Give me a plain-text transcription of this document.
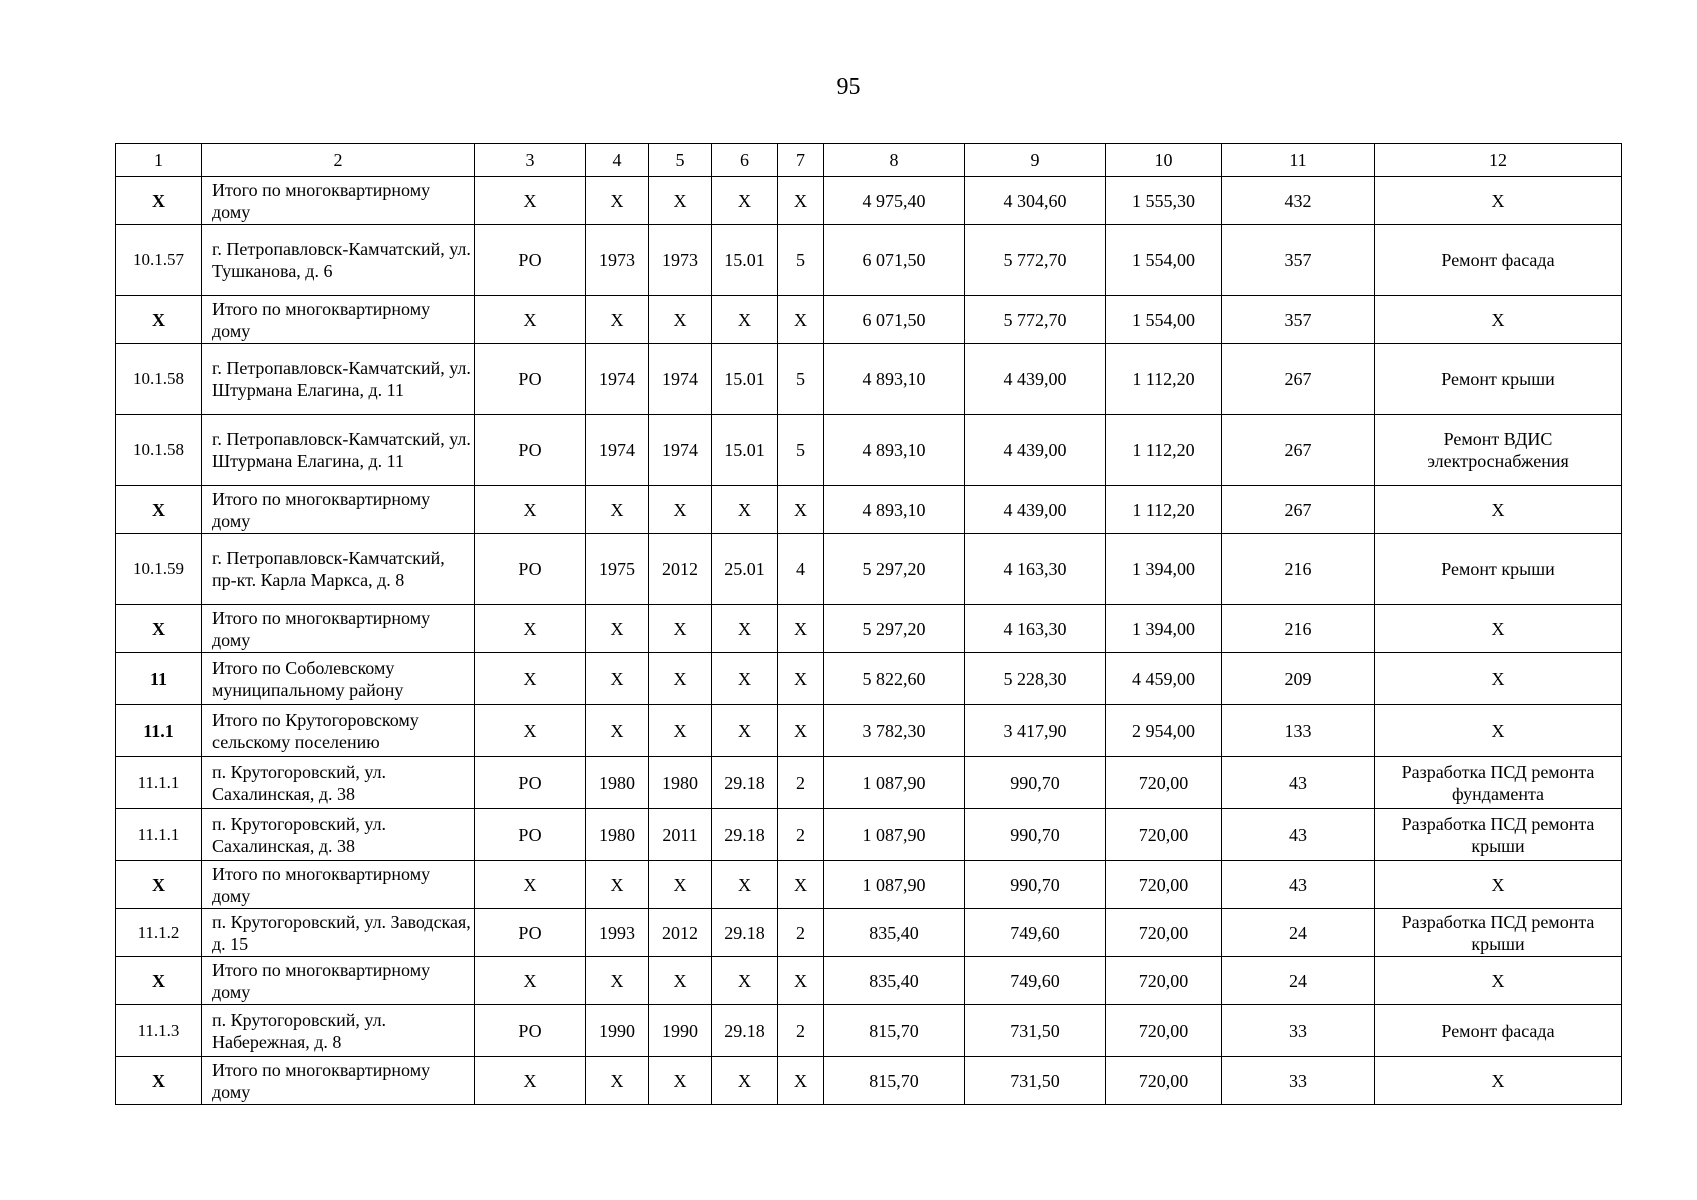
95
1	2	3	4	5	6	7	8	9	10	11	12
X	Итого по многоквартирному дому	X	X	X	X	X	4 975,40	4 304,60	1 555,30	432	X
10.1.57	г. Петропавловск-Камчатский, ул. Тушканова, д. 6	РО	1973	1973	15.01	5	6 071,50	5 772,70	1 554,00	357	Ремонт фасада
X	Итого по многоквартирному дому	X	X	X	X	X	6 071,50	5 772,70	1 554,00	357	X
10.1.58	г. Петропавловск-Камчатский, ул. Штурмана Елагина, д. 11	РО	1974	1974	15.01	5	4 893,10	4 439,00	1 112,20	267	Ремонт крыши
10.1.58	г. Петропавловск-Камчатский, ул. Штурмана Елагина, д. 11	РО	1974	1974	15.01	5	4 893,10	4 439,00	1 112,20	267	Ремонт ВДИС электроснабжения
X	Итого по многоквартирному дому	X	X	X	X	X	4 893,10	4 439,00	1 112,20	267	X
10.1.59	г. Петропавловск-Камчатский, пр-кт. Карла Маркса, д. 8	РО	1975	2012	25.01	4	5 297,20	4 163,30	1 394,00	216	Ремонт крыши
X	Итого по многоквартирному дому	X	X	X	X	X	5 297,20	4 163,30	1 394,00	216	X
11	Итого по Соболевскому муниципальному району	X	X	X	X	X	5 822,60	5 228,30	4 459,00	209	X
11.1	Итого по Крутогоровскому сельскому поселению	X	X	X	X	X	3 782,30	3 417,90	2 954,00	133	X
11.1.1	п. Крутогоровский, ул. Сахалинская, д. 38	РО	1980	1980	29.18	2	1 087,90	990,70	720,00	43	Разработка ПСД ремонта фундамента
11.1.1	п. Крутогоровский, ул. Сахалинская, д. 38	РО	1980	2011	29.18	2	1 087,90	990,70	720,00	43	Разработка ПСД ремонта крыши
X	Итого по многоквартирному дому	X	X	X	X	X	1 087,90	990,70	720,00	43	X
11.1.2	п. Крутогоровский, ул. Заводская, д. 15	РО	1993	2012	29.18	2	835,40	749,60	720,00	24	Разработка ПСД ремонта крыши
X	Итого по многоквартирному дому	X	X	X	X	X	835,40	749,60	720,00	24	X
11.1.3	п. Крутогоровский, ул. Набережная, д. 8	РО	1990	1990	29.18	2	815,70	731,50	720,00	33	Ремонт фасада
X	Итого по многоквартирному дому	X	X	X	X	X	815,70	731,50	720,00	33	X
